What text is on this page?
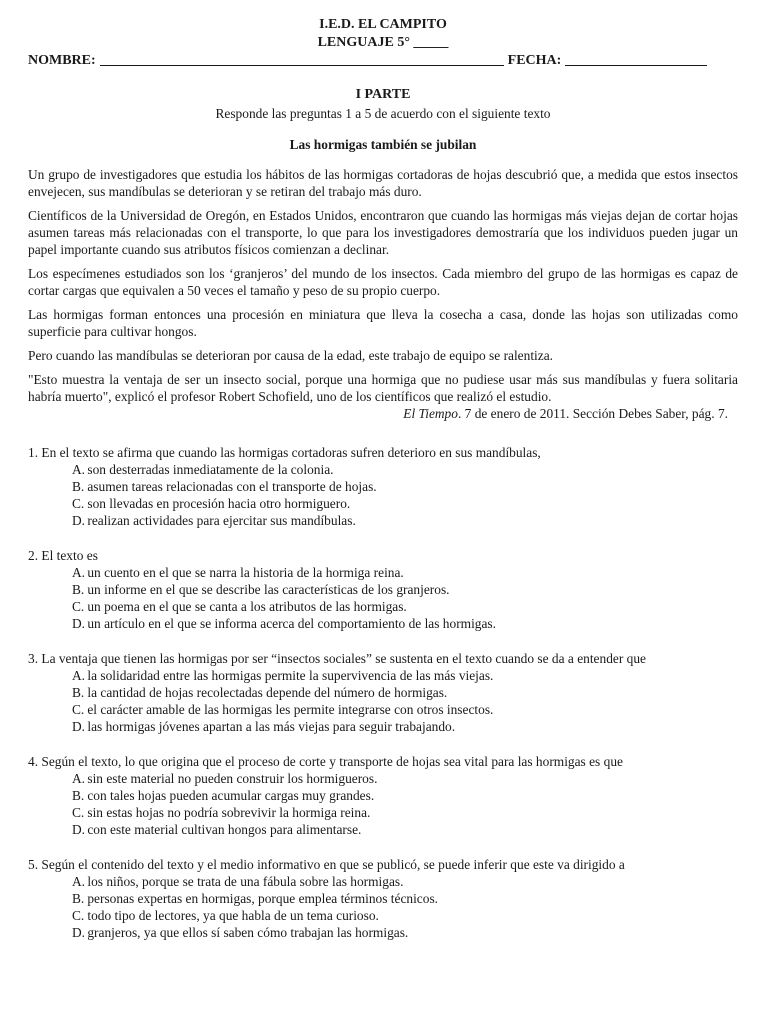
I.E.D. EL CAMPITO
LENGUAJE 5° _____
NOMBRE:	FECHA:
I PARTE
Responde las preguntas 1 a 5 de acuerdo con el siguiente texto
Las hormigas también se jubilan
Un grupo de investigadores que estudia los hábitos de las hormigas cortadoras de hojas descubrió que, a medida que estos insectos envejecen, sus mandíbulas se deterioran y se retiran del trabajo más duro.
Científicos de la Universidad de Oregón, en Estados Unidos, encontraron que cuando las hormigas más viejas dejan de cortar hojas asumen tareas más relacionadas con el transporte, lo que para los investigadores demostraría que los individuos pueden jugar un papel importante cuando sus atributos físicos comienzan a declinar.
Los especímenes estudiados son los ‘granjeros’ del mundo de los insectos. Cada miembro del grupo de las hormigas es capaz de cortar cargas que equivalen a 50 veces el tamaño y peso de su propio cuerpo.
Las hormigas forman entonces una procesión en miniatura que lleva la cosecha a casa, donde las hojas son utilizadas como superficie para cultivar hongos.
Pero cuando las mandíbulas se deterioran por causa de la edad, este trabajo de equipo se ralentiza.
"Esto muestra la ventaja de ser un insecto social, porque una hormiga que no pudiese usar más sus mandíbulas y fuera solitaria habría muerto", explicó el profesor Robert Schofield, uno de los científicos que realizó el estudio.
El Tiempo. 7 de enero de 2011. Sección Debes Saber, pág. 7.
1. En el texto se afirma que cuando las hormigas cortadoras sufren deterioro en sus mandíbulas,
A. son desterradas inmediatamente de la colonia.
B. asumen tareas relacionadas con el transporte de hojas.
C. son llevadas en procesión hacia otro hormiguero.
D. realizan actividades para ejercitar sus mandíbulas.
2. El texto es
A. un cuento en el que se narra la historia de la hormiga reina.
B. un informe en el que se describe las características de los granjeros.
C. un poema en el que se canta a los atributos de las hormigas.
D. un artículo en el que se informa acerca del comportamiento de las hormigas.
3. La ventaja que tienen las hormigas por ser “insectos sociales” se sustenta en el texto cuando se da a entender que
A. la solidaridad entre las hormigas permite la supervivencia de las más viejas.
B. la cantidad de hojas recolectadas depende del número de hormigas.
C. el carácter amable de las hormigas les permite integrarse con otros insectos.
D. las hormigas jóvenes apartan a las más viejas para seguir trabajando.
4. Según el texto, lo que origina que el proceso de corte y transporte de hojas sea vital para las hormigas es que
A. sin este material no pueden construir los hormigueros.
B. con tales hojas pueden acumular cargas muy grandes.
C. sin estas hojas no podría sobrevivir la hormiga reina.
D. con este material cultivan hongos para alimentarse.
5. Según el contenido del texto y el medio informativo en que se publicó, se puede inferir que este va dirigido a
A. los niños, porque se trata de una fábula sobre las hormigas.
B. personas expertas en hormigas, porque emplea términos técnicos.
C. todo tipo de lectores, ya que habla de un tema curioso.
D. granjeros, ya que ellos sí saben cómo trabajan las hormigas.
